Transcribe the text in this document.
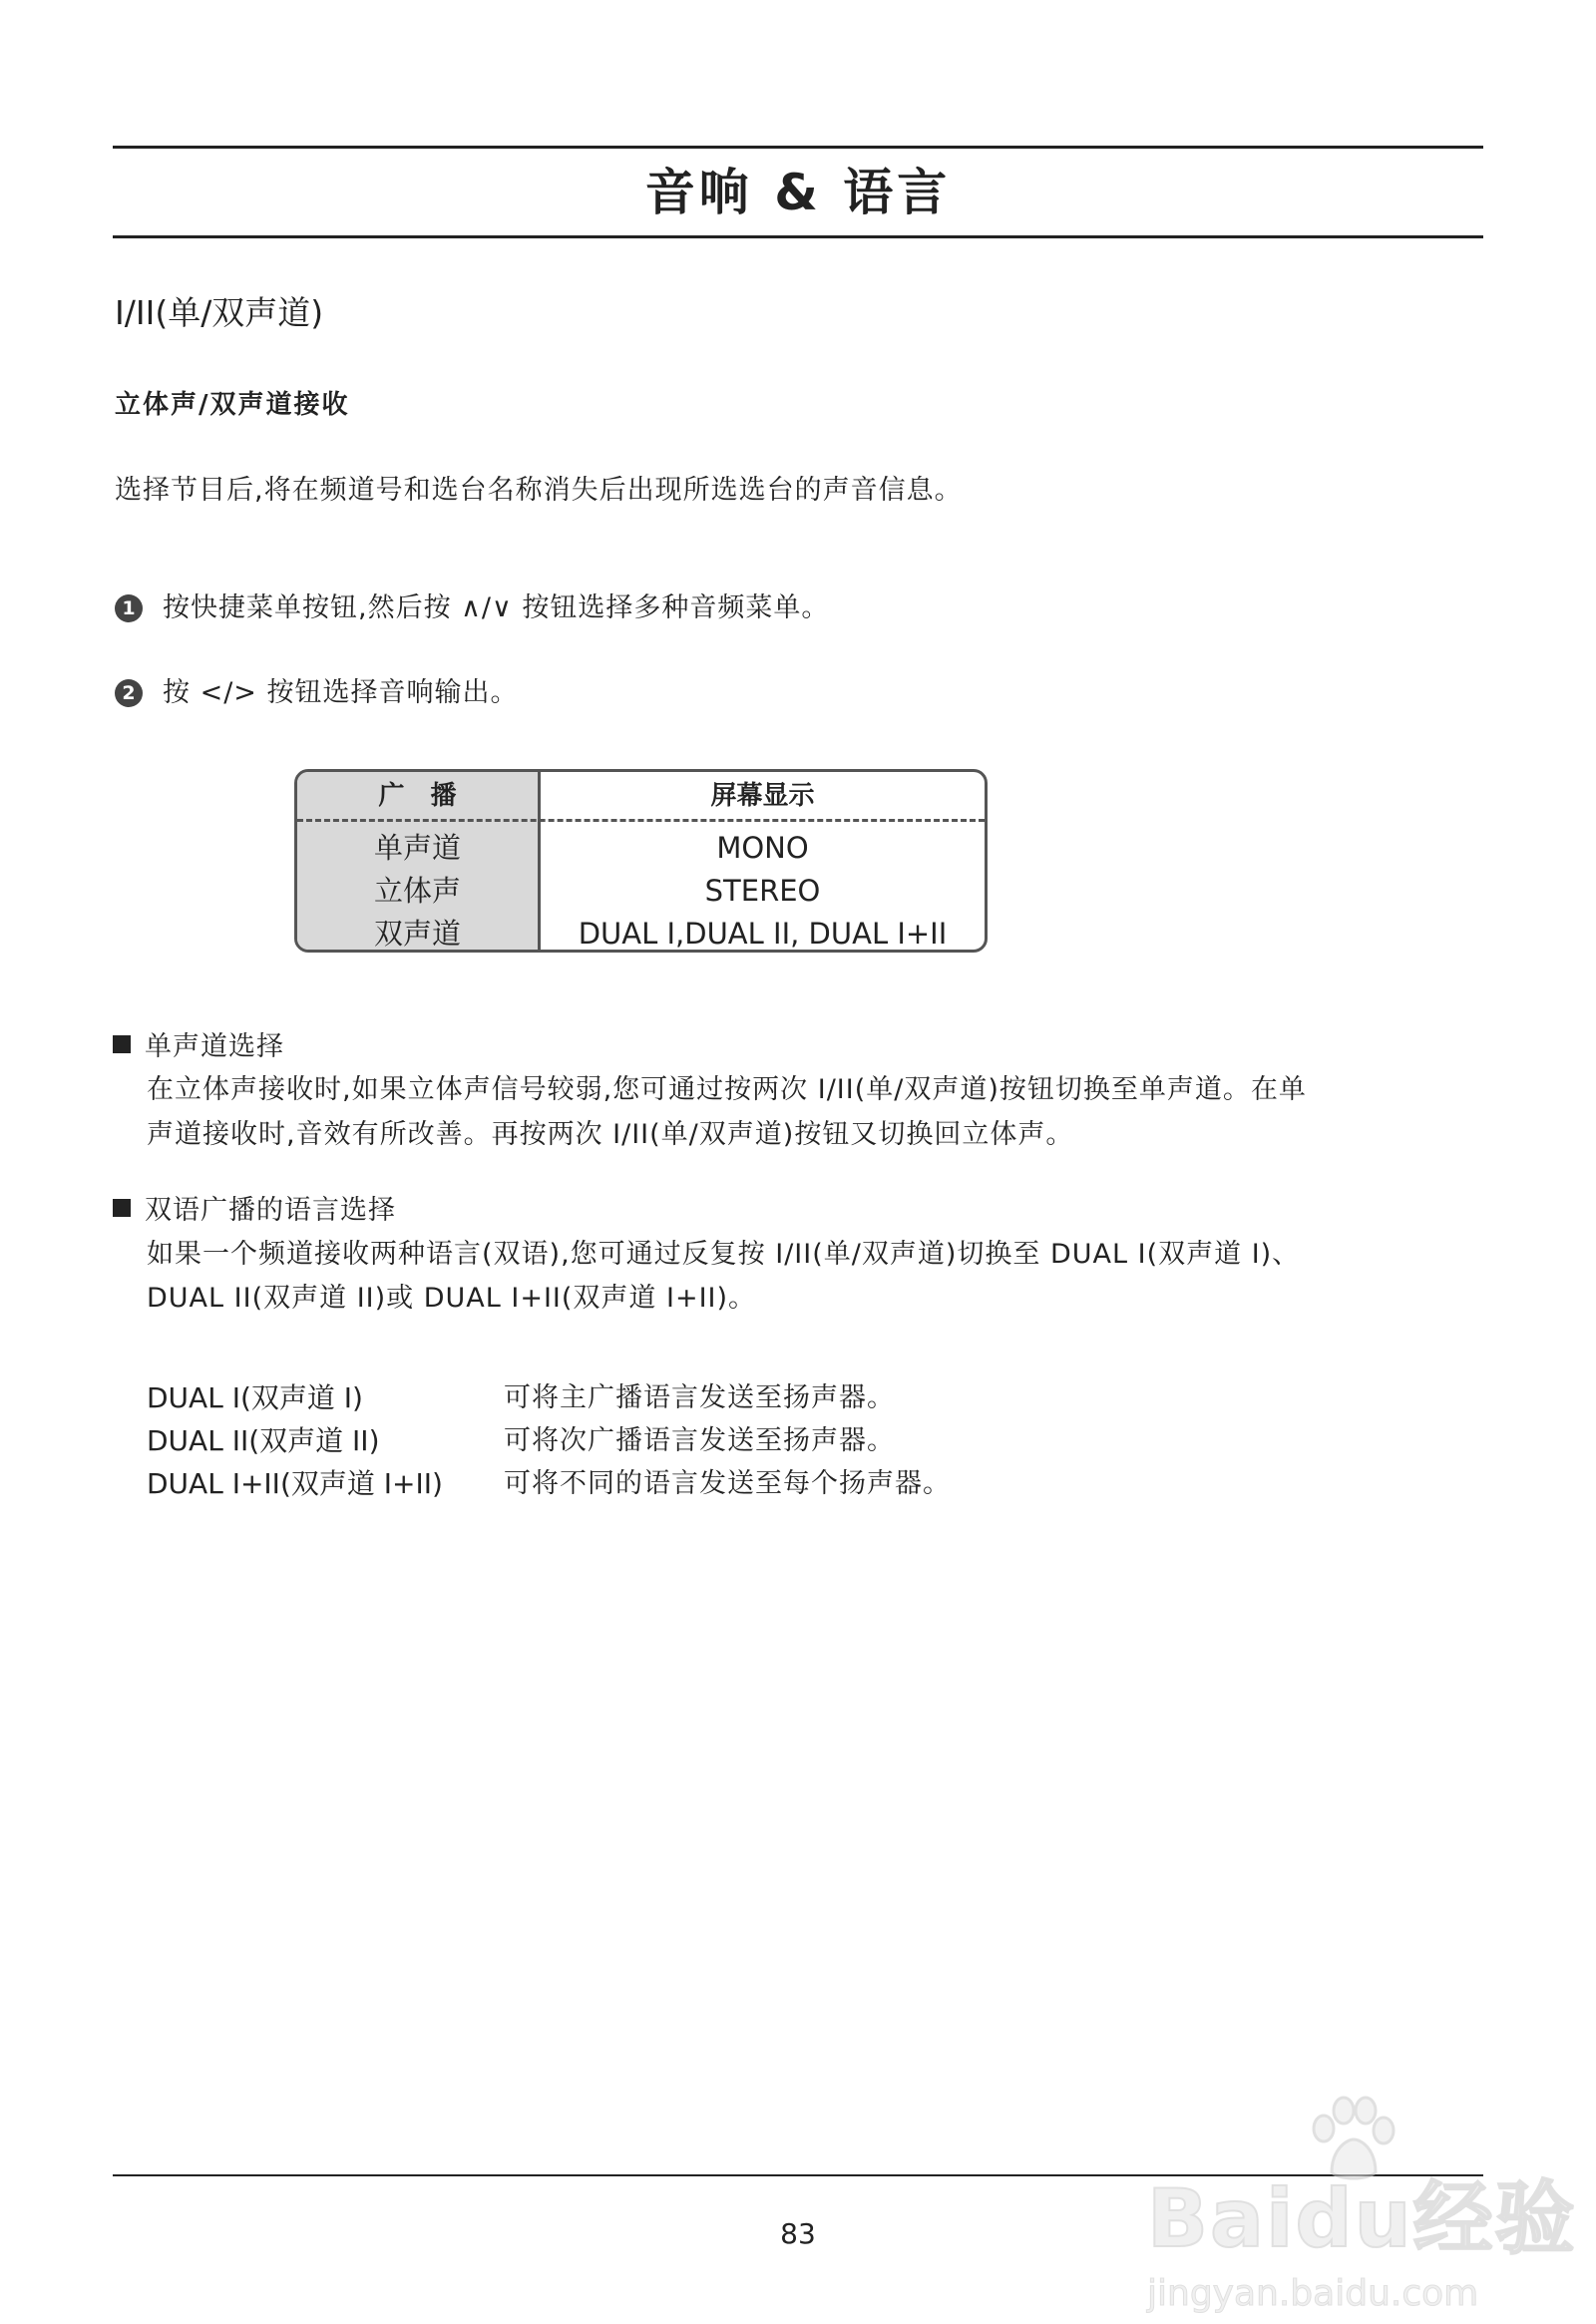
音响 & 语言
I/II(单/双声道)
立体声/双声道接收
选择节目后,将在频道号和选台名称消失后出现所选选台的声音信息。
1 按快捷菜单按钮,然后按 ∧/∨ 按钮选择多种音频菜单。
2 按 </> 按钮选择音响输出。
广　播	屏幕显示
单声道	MONO
立体声	STEREO
双声道	DUAL I,DUAL II, DUAL I+II
单声道选择
在立体声接收时,如果立体声信号较弱,您可通过按两次 I/II(单/双声道)按钮切换至单声道。在单
声道接收时,音效有所改善。再按两次 I/II(单/双声道)按钮又切换回立体声。
双语广播的语言选择
如果一个频道接收两种语言(双语),您可通过反复按 I/II(单/双声道)切换至 DUAL I(双声道 I)、
DUAL II(双声道 II)或 DUAL I+II(双声道 I+II)。
DUAL I(双声道 I)	可将主广播语言发送至扬声器。
DUAL II(双声道 II)	可将次广播语言发送至扬声器。
DUAL I+II(双声道 I+II) 可将不同的语言发送至每个扬声器。
83	Baidu经验
jingyan.baidu.com
